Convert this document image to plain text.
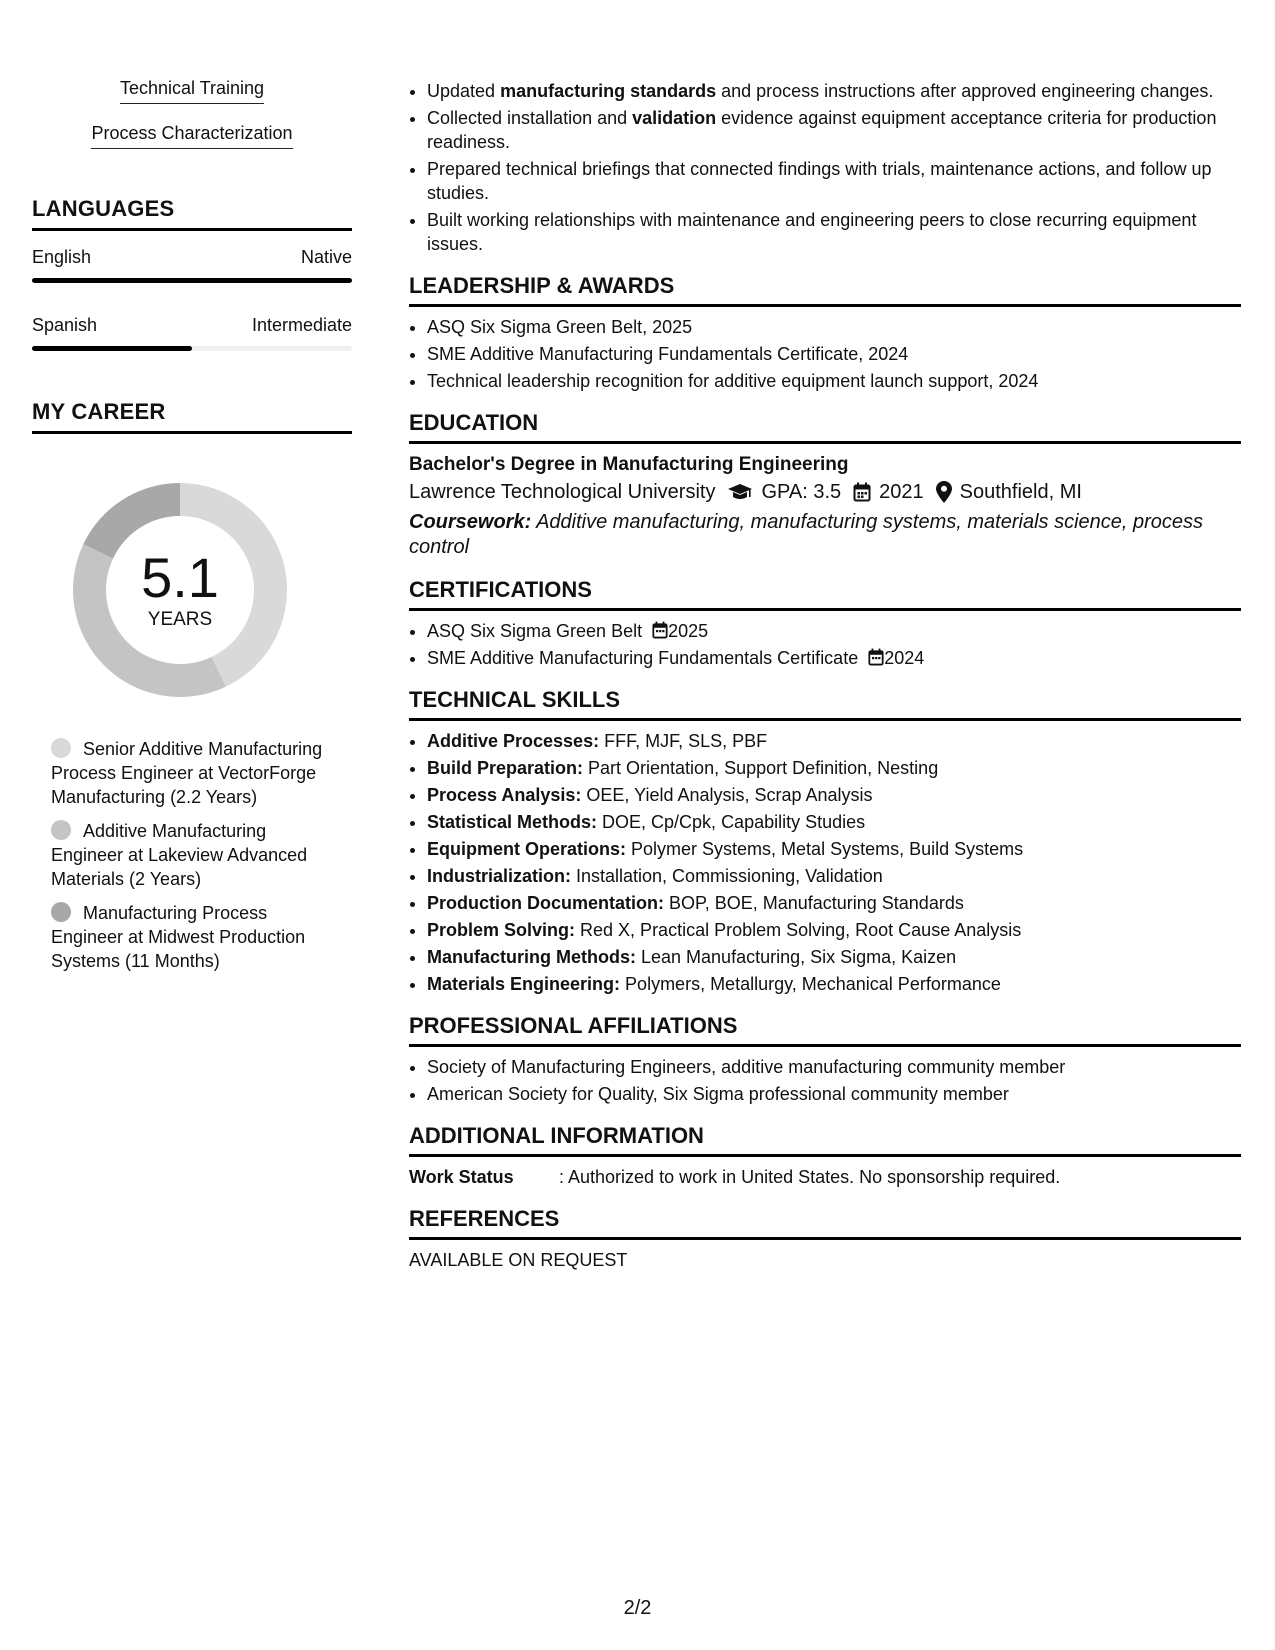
Technical Training
Process Characterization
LANGUAGES
English	Native
Spanish	Intermediate
MY CAREER
5.1
YEARS
Senior Additive Manufacturing Process Engineer at VectorForge Manufacturing (2.2 Years)
Additive Manufacturing Engineer at Lakeview Advanced Materials (2 Years)
Manufacturing Process Engineer at Midwest Production Systems (11 Months)
• Updated manufacturing standards and process instructions after approved engineering changes.
• Collected installation and validation evidence against equipment acceptance criteria for production readiness.
• Prepared technical briefings that connected findings with trials, maintenance actions, and follow up studies.
• Built working relationships with maintenance and engineering peers to close recurring equipment issues.
LEADERSHIP & AWARDS
• ASQ Six Sigma Green Belt, 2025
• SME Additive Manufacturing Fundamentals Certificate, 2024
• Technical leadership recognition for additive equipment launch support, 2024
EDUCATION
Bachelor's Degree in Manufacturing Engineering
Lawrence Technological University GPA: 3.5 2021 Southfield, MI
Coursework: Additive manufacturing, manufacturing systems, materials science, process control
CERTIFICATIONS
• ASQ Six Sigma Green Belt 2025
• SME Additive Manufacturing Fundamentals Certificate 2024
TECHNICAL SKILLS
• Additive Processes: FFF, MJF, SLS, PBF
• Build Preparation: Part Orientation, Support Definition, Nesting
• Process Analysis: OEE, Yield Analysis, Scrap Analysis
• Statistical Methods: DOE, Cp/Cpk, Capability Studies
• Equipment Operations: Polymer Systems, Metal Systems, Build Systems
• Industrialization: Installation, Commissioning, Validation
• Production Documentation: BOP, BOE, Manufacturing Standards
• Problem Solving: Red X, Practical Problem Solving, Root Cause Analysis
• Manufacturing Methods: Lean Manufacturing, Six Sigma, Kaizen
• Materials Engineering: Polymers, Metallurgy, Mechanical Performance
PROFESSIONAL AFFILIATIONS
• Society of Manufacturing Engineers, additive manufacturing community member
• American Society for Quality, Six Sigma professional community member
ADDITIONAL INFORMATION
Work Status	: Authorized to work in United States. No sponsorship required.
REFERENCES
AVAILABLE ON REQUEST
2/2
